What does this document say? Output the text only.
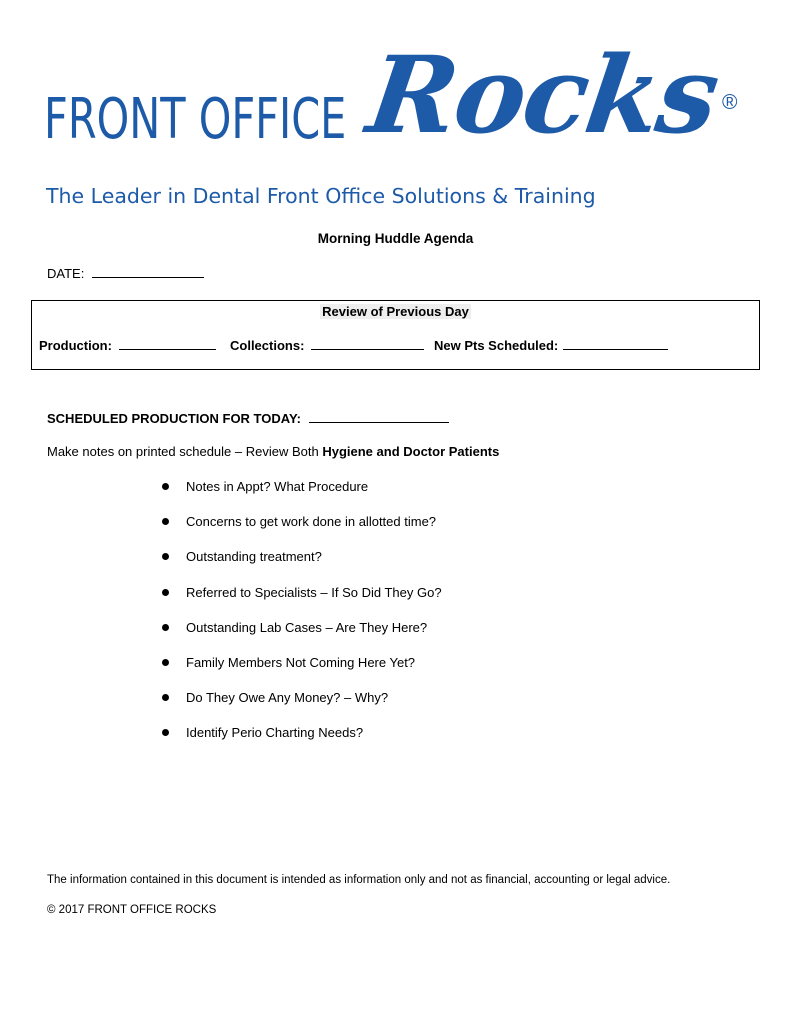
FRONT OFFICE Rocks
®
The Leader in Dental Front Office Solutions & Training
Morning Huddle Agenda
DATE:
Review of Previous Day
Production:	Collections:	New Pts Scheduled:
SCHEDULED PRODUCTION FOR TODAY:
Make notes on printed schedule – Review Both Hygiene and Doctor Patients
Notes in Appt? What Procedure
Concerns to get work done in allotted time?
Outstanding treatment?
Referred to Specialists – If So Did They Go?
Outstanding Lab Cases – Are They Here?
Family Members Not Coming Here Yet?
Do They Owe Any Money? – Why?
Identify Perio Charting Needs?
The information contained in this document is intended as information only and not as financial, accounting or legal advice.
© 2017 FRONT OFFICE ROCKS
